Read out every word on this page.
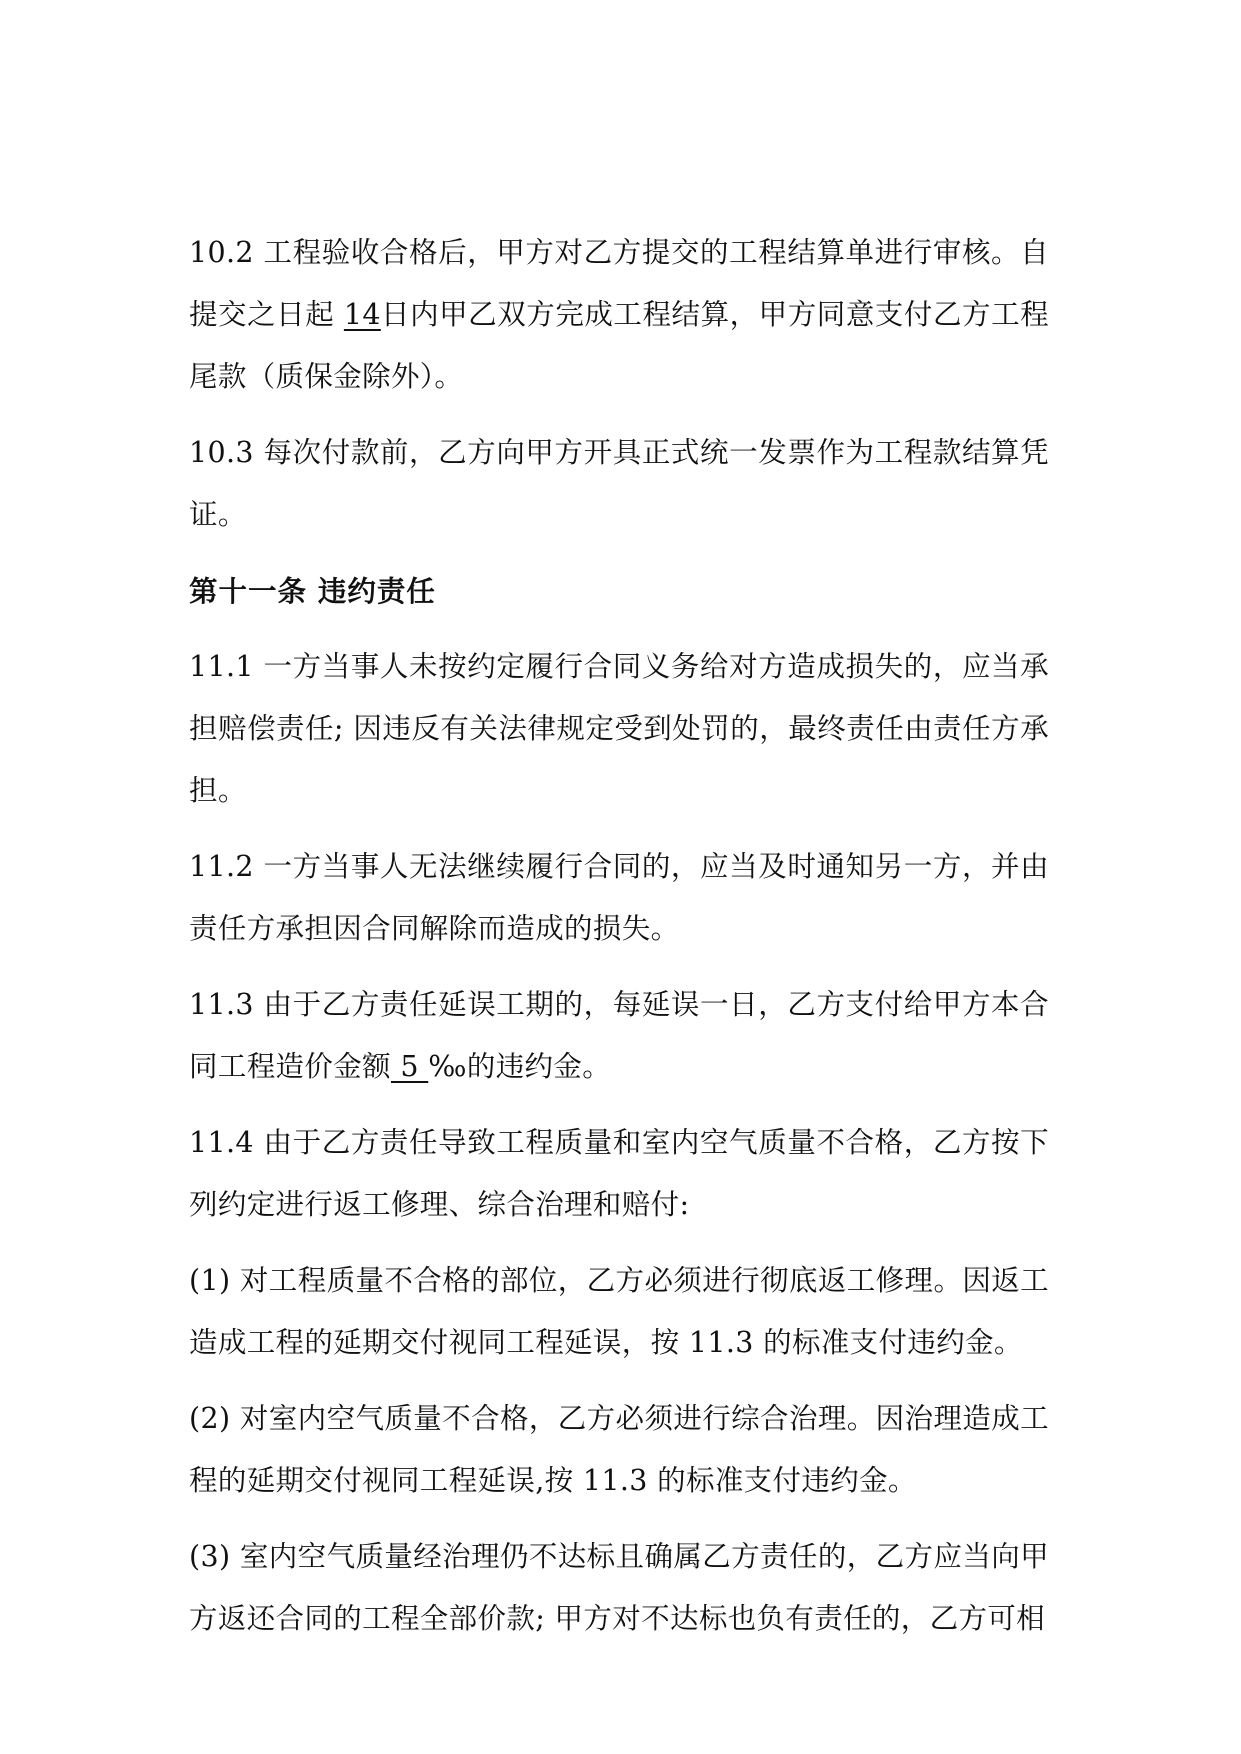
10.2 工程验收合格后，甲方对乙方提交的工程结算单进行审核。自提交之日起 14日内甲乙双方完成工程结算，甲方同意支付乙方工程尾款（质保金除外）。

10.3 每次付款前，乙方向甲方开具正式统一发票作为工程款结算凭证。

第十一条 违约责任

11.1 一方当事人未按约定履行合同义务给对方造成损失的，应当承担赔偿责任; 因违反有关法律规定受到处罚的，最终责任由责任方承担。

11.2 一方当事人无法继续履行合同的，应当及时通知另一方，并由责任方承担因合同解除而造成的损失。

11.3 由于乙方责任延误工期的，每延误一日，乙方支付给甲方本合同工程造价金额 5 ‰的违约金。

11.4 由于乙方责任导致工程质量和室内空气质量不合格，乙方按下列约定进行返工修理、综合治理和赔付:

(1) 对工程质量不合格的部位，乙方必须进行彻底返工修理。因返工造成工程的延期交付视同工程延误，按 11.3 的标准支付违约金。

(2) 对室内空气质量不合格，乙方必须进行综合治理。因治理造成工程的延期交付视同工程延误,按 11.3 的标准支付违约金。

(3) 室内空气质量经治理仍不达标且确属乙方责任的，乙方应当向甲方返还合同的工程全部价款; 甲方对不达标也负有责任的，乙方可相
